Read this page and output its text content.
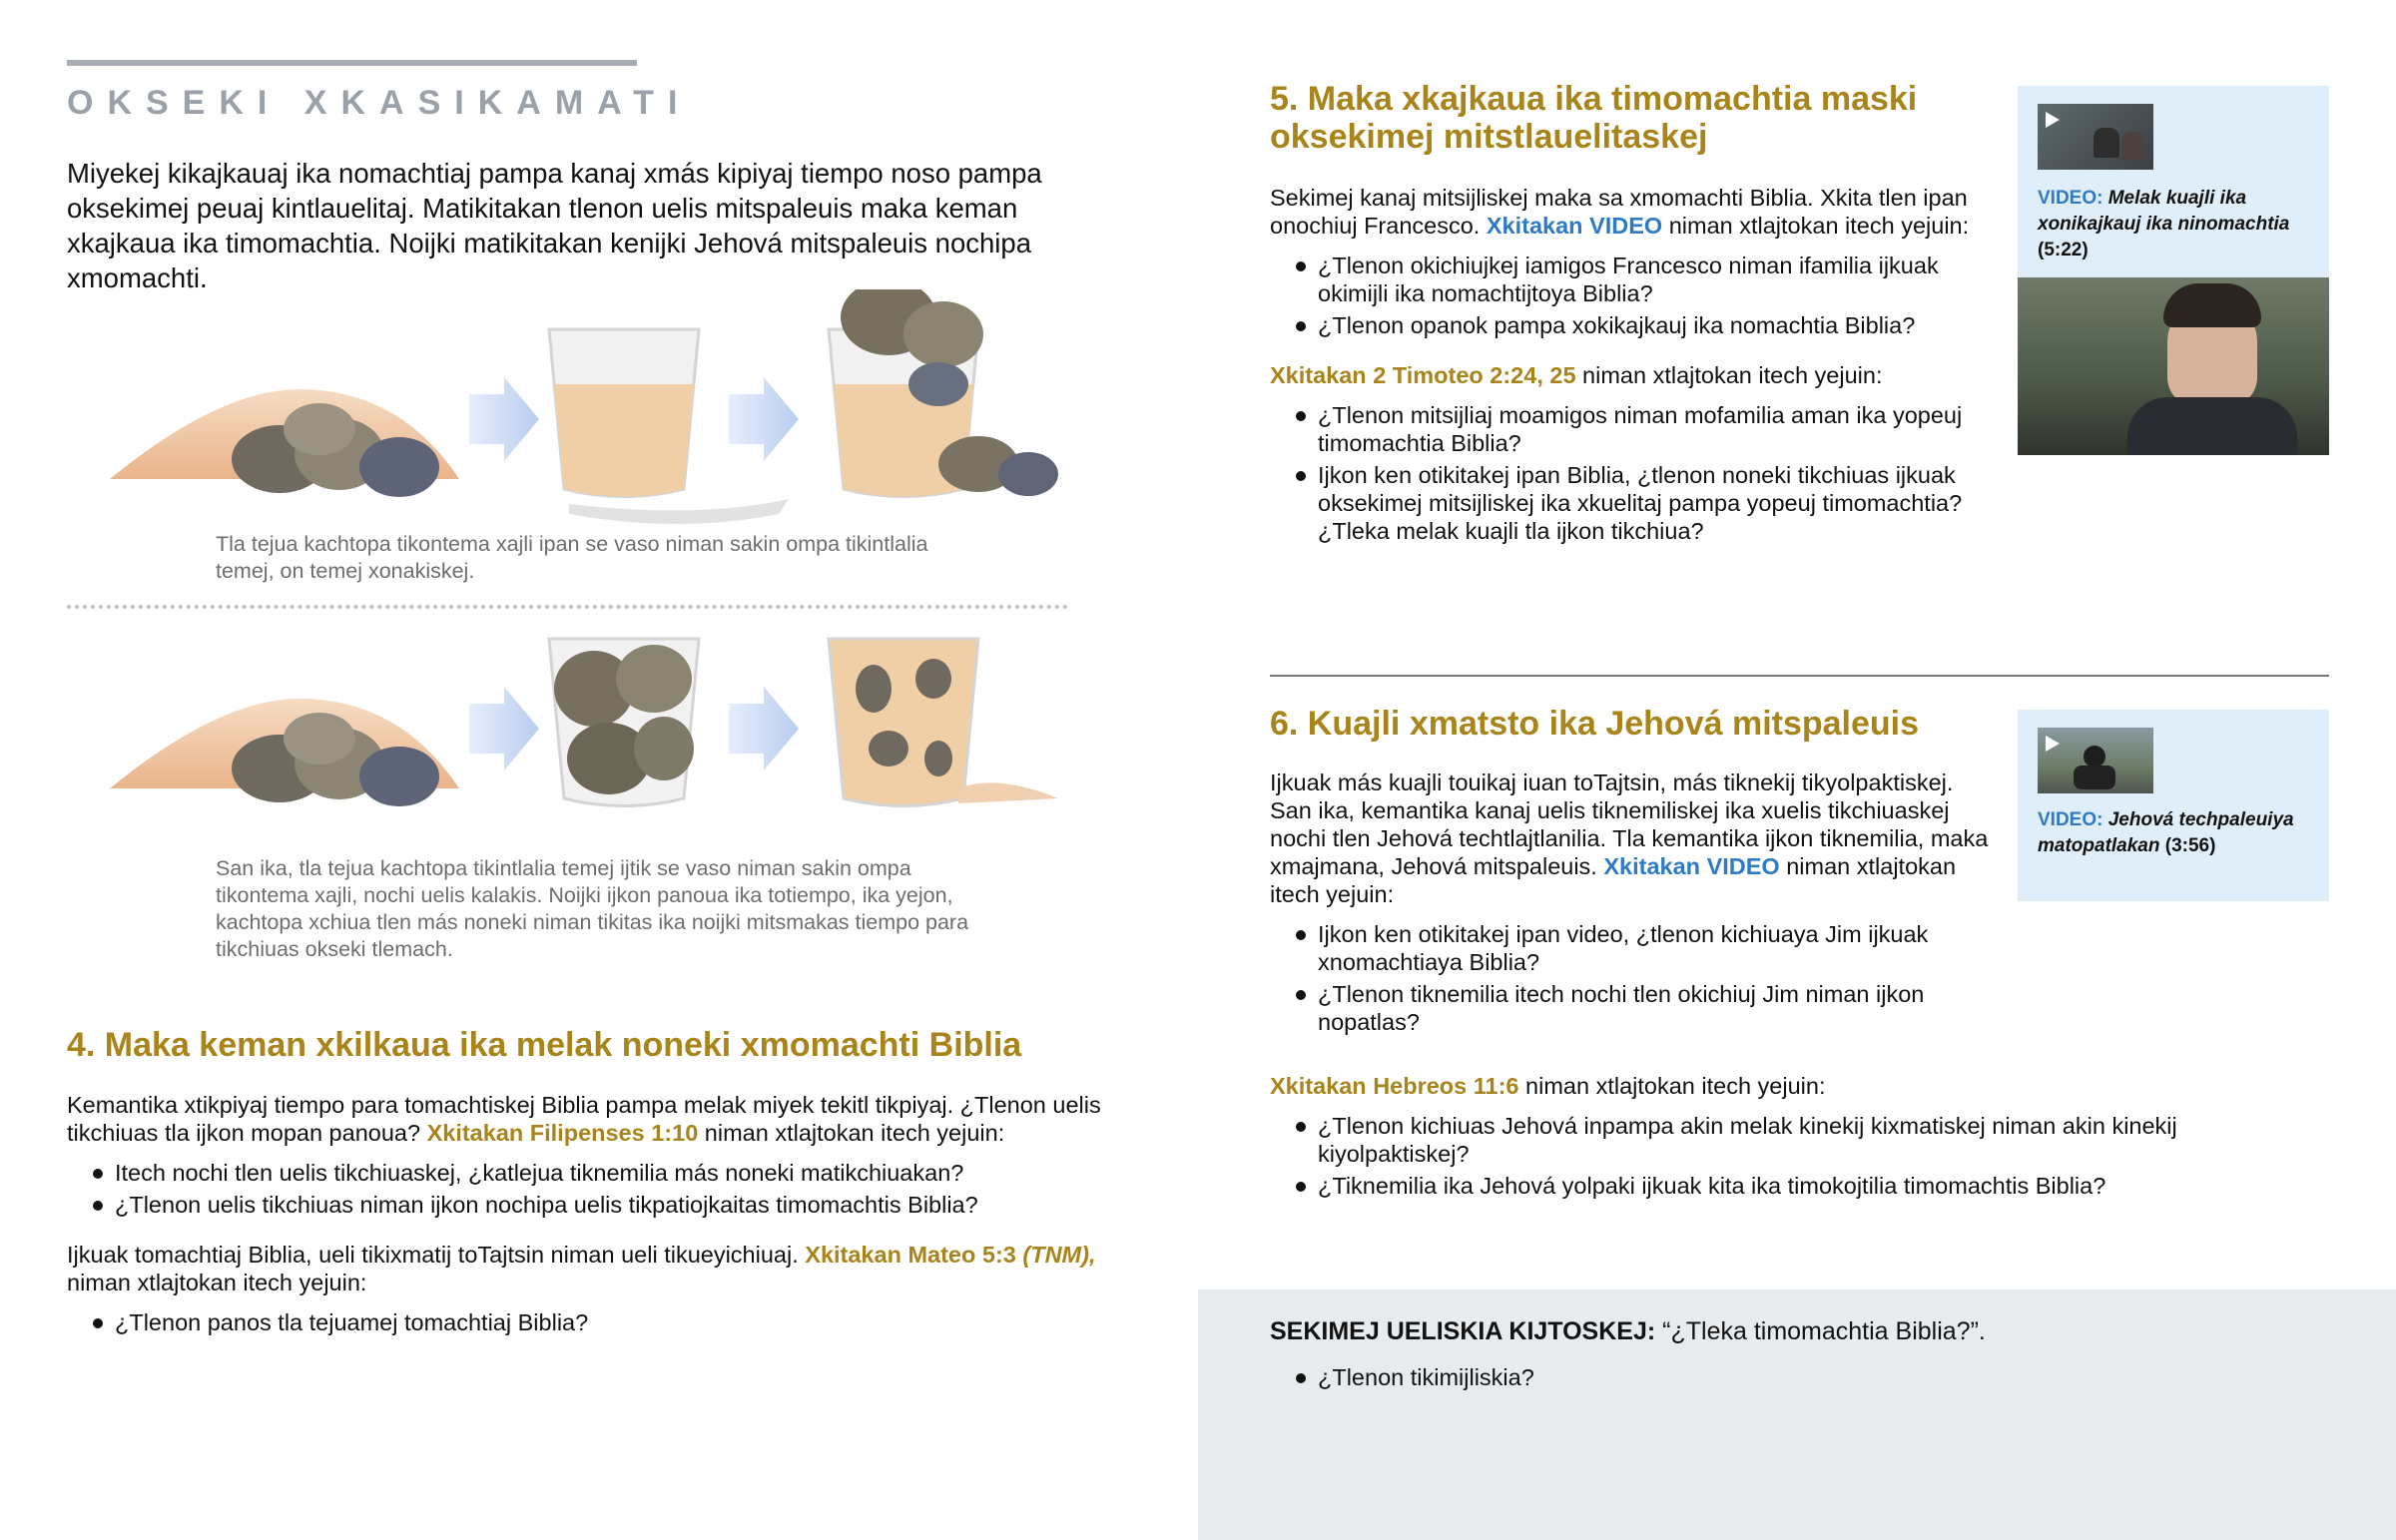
OKSEKI XKASIKAMATI

Miyekej kikajkauaj ika nomachtiaj pampa kanaj xmás kipiyaj tiempo noso pampa oksekimej peuaj kintlauelitaj. Matikitakan tlenon uelis mitspaleuis maka keman xkajkaua ika timomachtia. Noijki matikitakan kenijki Jehová mitspaleuis nochipa xmomachti.

Tla tejua kachtopa tikontema xajli ipan se vaso niman sakin ompa tikintlalia temej, on temej xonakiskej.

San ika, tla tejua kachtopa tikintlalia temej ijtik se vaso niman sakin ompa tikontema xajli, nochi uelis kalakis. Noijki ijkon panoua ika totiempo, ika yejon, kachtopa xchiua tlen más noneki niman tikitas ika noijki mitsmakas tiempo para tikchiuas okseki tlemach.

4. Maka keman xkilkaua ika melak noneki xmomachti Biblia

Kemantika xtikpiyaj tiempo para tomachtiskej Biblia pampa melak miyek tekitl tikpiyaj. ¿Tlenon uelis tikchiuas tla ijkon mopan panoua? Xkitakan Filipenses 1:10 niman xtlajtokan itech yejuin:

Itech nochi tlen uelis tikchiuaskej, ¿katlejua tiknemilia más noneki matikchiuakan?
¿Tlenon uelis tikchiuas niman ijkon nochipa uelis tikpatiojkaitas timomachtis Biblia?

Ijkuak tomachtiaj Biblia, ueli tikixmatij toTajtsin niman ueli tikueyichiuaj. Xkitakan Mateo 5:3 (TNM),
niman xtlajtokan itech yejuin:

¿Tlenon panos tla tejuamej tomachtiaj Biblia?
5. Maka xkajkaua ika timomachtia maski oksekimej mitstlauelitaskej

Sekimej kanaj mitsijliskej maka sa xmomachti Biblia. Xkita tlen ipan onochiuj Francesco. Xkitakan VIDEO niman xtlajtokan itech yejuin:

¿Tlenon okichiujkej iamigos Francesco niman ifamilia ijkuak okimijli ika nomachtijtoya Biblia?
¿Tlenon opanok pampa xokikajkauj ika nomachtia Biblia?

Xkitakan 2 Timoteo 2:24, 25 niman xtlajtokan itech yejuin:

¿Tlenon mitsijliaj moamigos niman mofamilia aman ika yopeuj timomachtia Biblia?
Ijkon ken otikitakej ipan Biblia, ¿tlenon noneki tikchiuas ijkuak oksekimej mitsijliskej ika xkuelitaj pampa yopeuj timomachtia? ¿Tleka melak kuajli tla ijkon tikchiua?

VIDEO: Melak kuajli ika xonikajkauj ika ninomachtia (5:22)

6. Kuajli xmatsto ika Jehová mitspaleuis

Ijkuak más kuajli touikaj iuan toTajtsin, más tiknekij tikyolpaktiskej. San ika, kemantika kanaj uelis tiknemiliskej ika xuelis tikchiuaskej nochi tlen Jehová techtlajtlanilia. Tla kemantika ijkon tiknemilia, maka xmajmana, Jehová mitspaleuis. Xkitakan VIDEO niman xtlajtokan itech yejuin:

Ijkon ken otikitakej ipan video, ¿tlenon kichiuaya Jim ijkuak xnomachtiaya Biblia?
¿Tlenon tiknemilia itech nochi tlen okichiuj Jim niman ijkon nopatlas?

Xkitakan Hebreos 11:6 niman xtlajtokan itech yejuin:

¿Tlenon kichiuas Jehová inpampa akin melak kinekij kixmatiskej niman akin kinekij kiyolpaktiskej?
¿Tiknemilia ika Jehová yolpaki ijkuak kita ika timokojtilia timomachtis Biblia?

VIDEO: Jehová techpaleuiya matopatlakan (3:56)

SEKIMEJ UELISKIA KIJTOSKEJ: “¿Tleka timomachtia Biblia?”.

¿Tlenon tikimijliskia?
